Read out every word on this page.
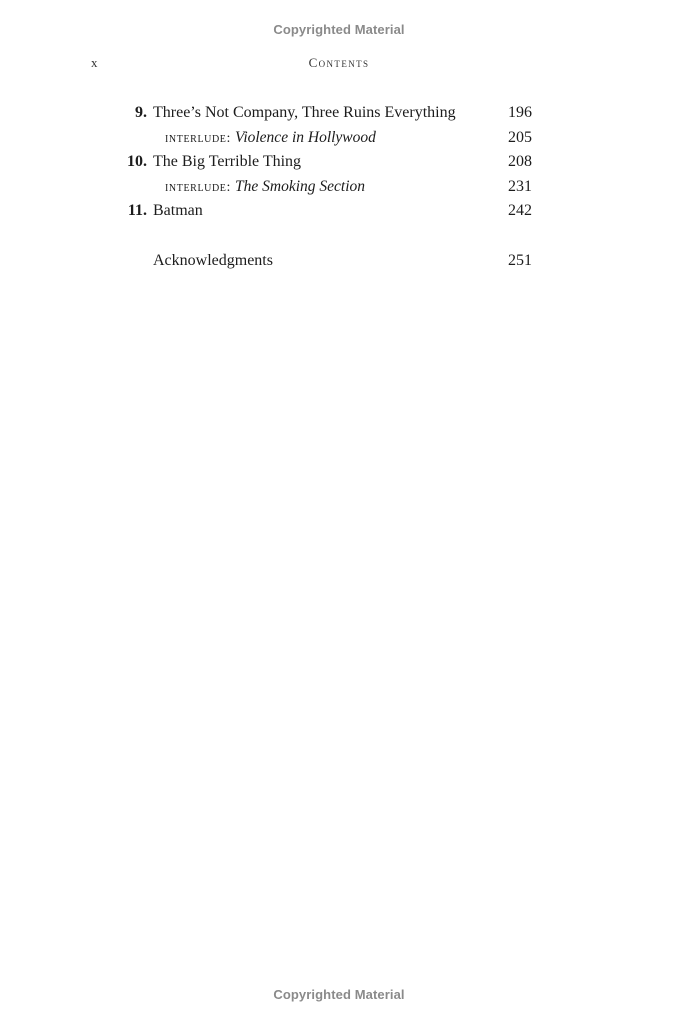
Copyrighted Material
x	Contents
9. Three’s Not Company, Three Ruins Everything	196
interlude: Violence in Hollywood	205
10. The Big Terrible Thing	208
interlude: The Smoking Section	231
11. Batman	242
Acknowledgments	251
Copyrighted Material
